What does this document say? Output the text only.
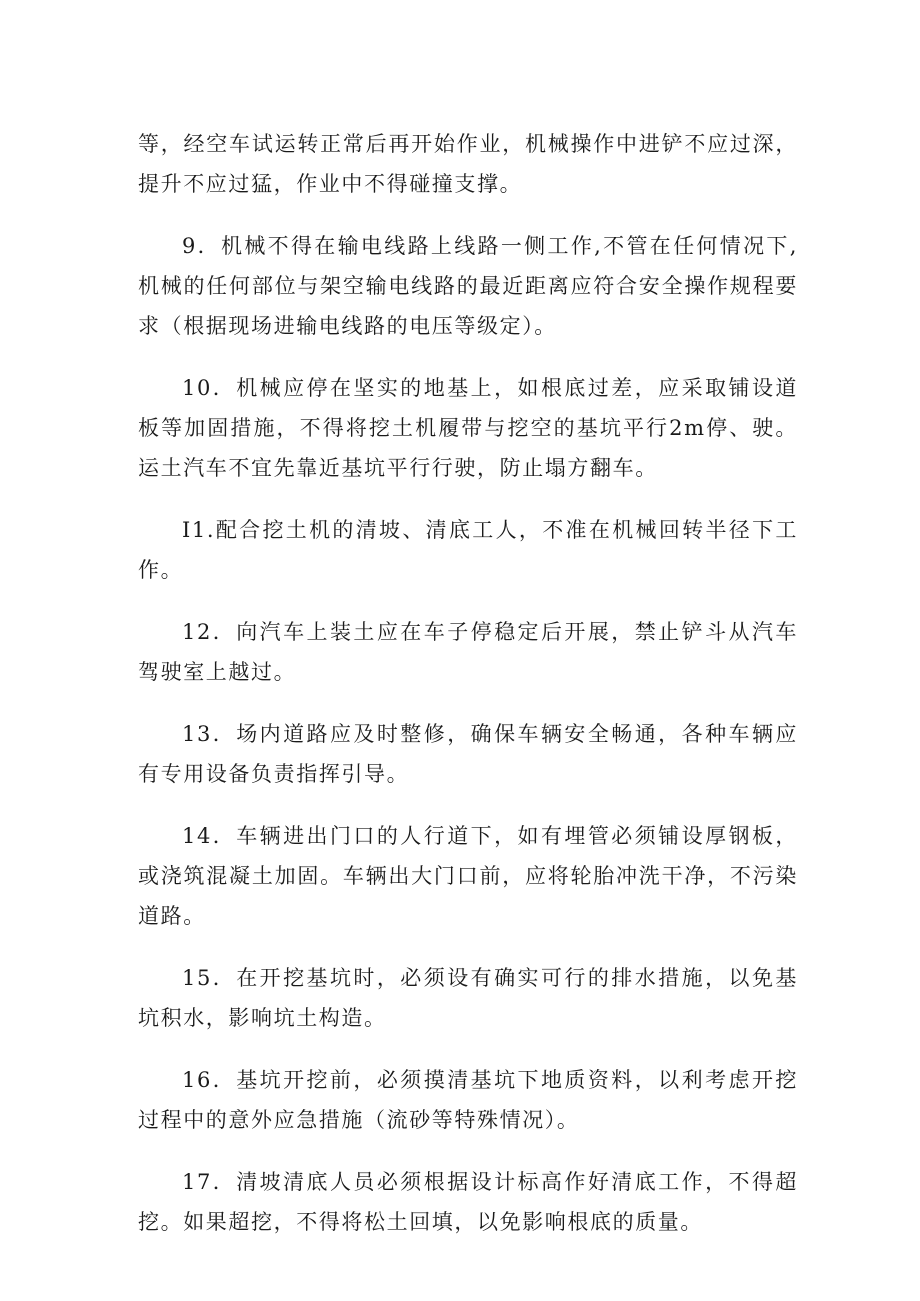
等，经空车试运转正常后再开始作业，机械操作中进铲不应过深，提升不应过猛，作业中不得碰撞支撑。

9．机械不得在输电线路上线路一侧工作,不管在任何情况下,机械的任何部位与架空输电线路的最近距离应符合安全操作规程要求（根据现场进输电线路的电压等级定）。

10．机械应停在坚实的地基上，如根底过差，应采取铺设道板等加固措施，不得将挖土机履带与挖空的基坑平行2m停、驶。运土汽车不宜先靠近基坑平行行驶，防止塌方翻车。

I1.配合挖土机的清坡、清底工人，不准在机械回转半径下工作。

12．向汽车上装土应在车子停稳定后开展，禁止铲斗从汽车驾驶室上越过。

13．场内道路应及时整修，确保车辆安全畅通，各种车辆应有专用设备负责指挥引导。

14．车辆进出门口的人行道下，如有埋管必须铺设厚钢板，或浇筑混凝土加固。车辆出大门口前，应将轮胎冲洗干净，不污染道路。

15．在开挖基坑时，必须设有确实可行的排水措施，以免基坑积水，影响坑土构造。

16．基坑开挖前，必须摸清基坑下地质资料，以利考虑开挖过程中的意外应急措施（流砂等特殊情况）。

17．清坡清底人员必须根据设计标高作好清底工作，不得超挖。如果超挖，不得将松土回填，以免影响根底的质量。
